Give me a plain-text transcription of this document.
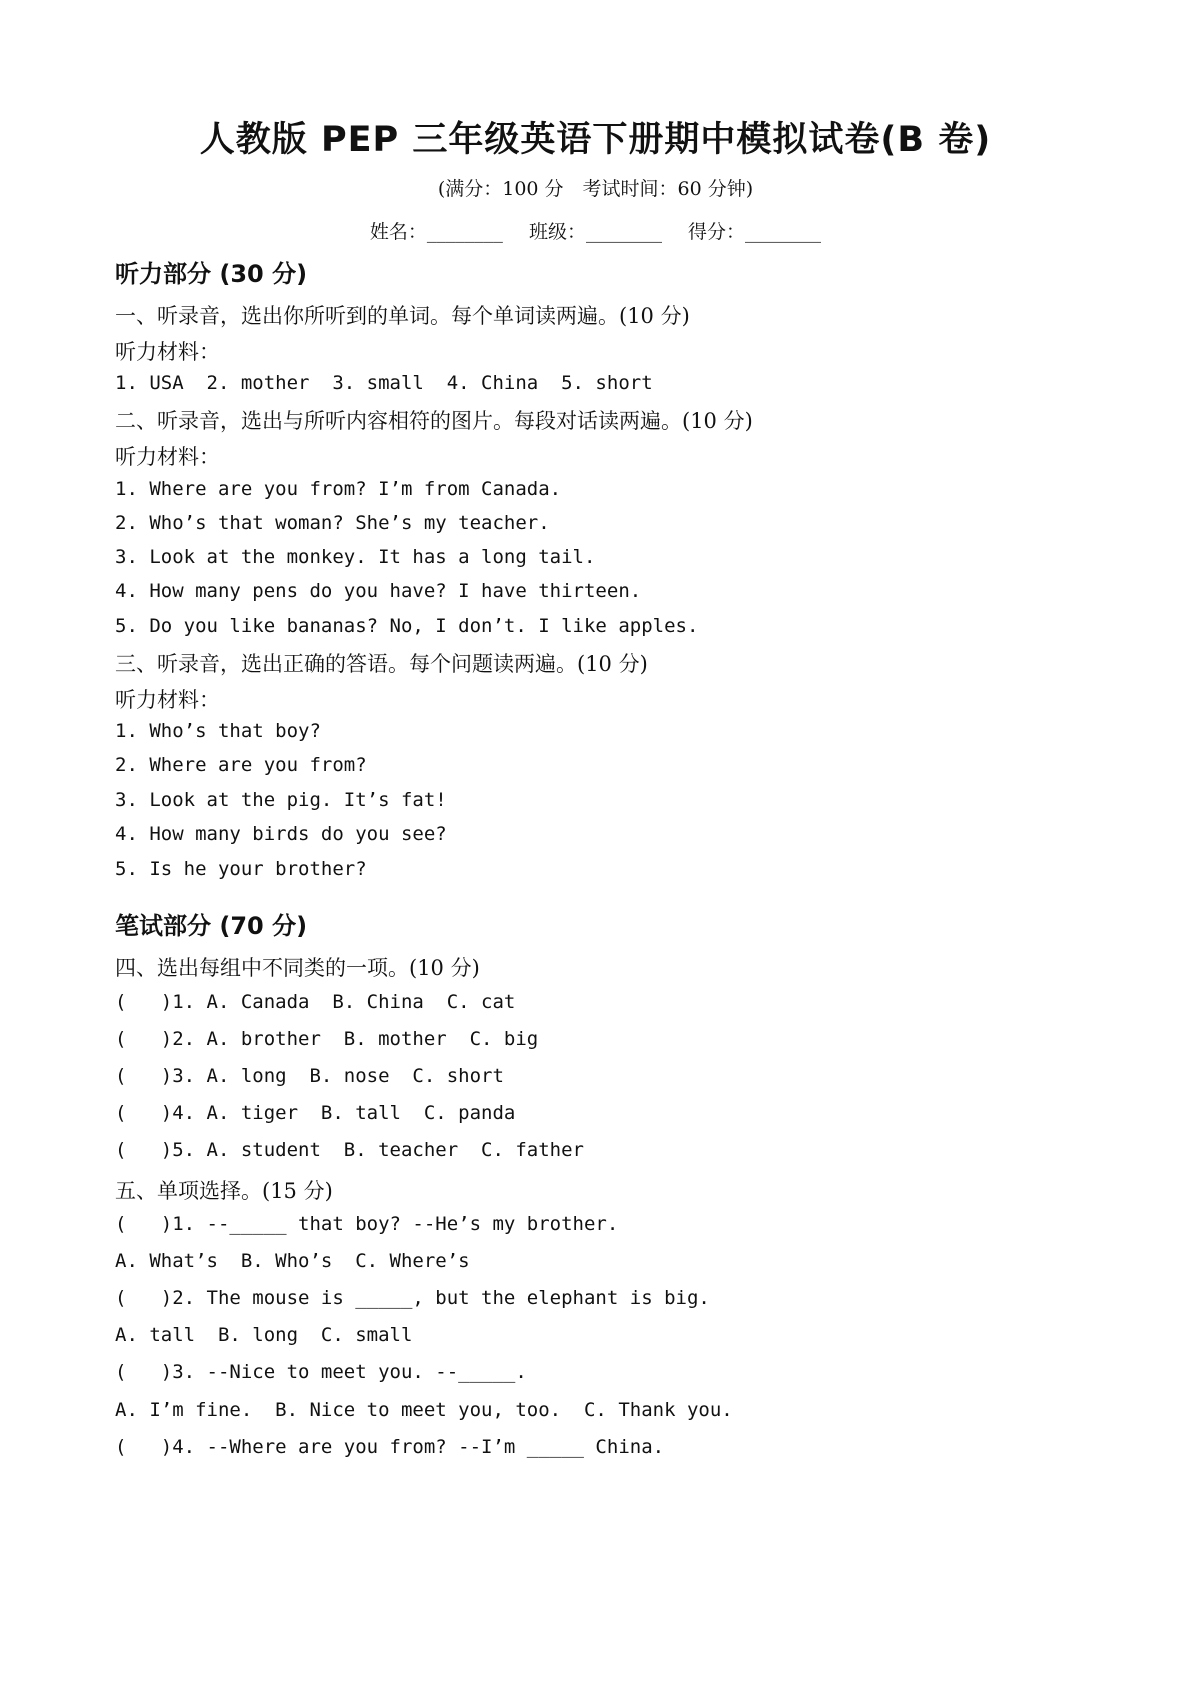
人教版 PEP 三年级英语下册期中模拟试卷(B 卷)
(满分：100 分　考试时间：60 分钟)
姓名：________ 班级：________ 得分：________
听力部分 (30 分)
一、听录音，选出你所听到的单词。每个单词读两遍。(10 分)
听力材料：
1. USA  2. mother  3. small  4. China  5. short
二、听录音，选出与所听内容相符的图片。每段对话读两遍。(10 分)
听力材料：
1. Where are you from? I’m from Canada.
2. Who’s that woman? She’s my teacher.
3. Look at the monkey. It has a long tail.
4. How many pens do you have? I have thirteen.
5. Do you like bananas? No, I don’t. I like apples.
三、听录音，选出正确的答语。每个问题读两遍。(10 分)
听力材料：
1. Who’s that boy?
2. Where are you from?
3. Look at the pig. It’s fat!
4. How many birds do you see?
5. Is he your brother?
笔试部分 (70 分)
四、选出每组中不同类的一项。(10 分)
(   )1. A. Canada  B. China  C. cat
(   )2. A. brother  B. mother  C. big
(   )3. A. long  B. nose  C. short
(   )4. A. tiger  B. tall  C. panda
(   )5. A. student  B. teacher  C. father
五、单项选择。(15 分)
(   )1. --_____ that boy? --He’s my brother.
A. What’s  B. Who’s  C. Where’s
(   )2. The mouse is _____, but the elephant is big.
A. tall  B. long  C. small
(   )3. --Nice to meet you. --_____.
A. I’m fine.  B. Nice to meet you, too.  C. Thank you.
(   )4. --Where are you from? --I’m _____ China.
